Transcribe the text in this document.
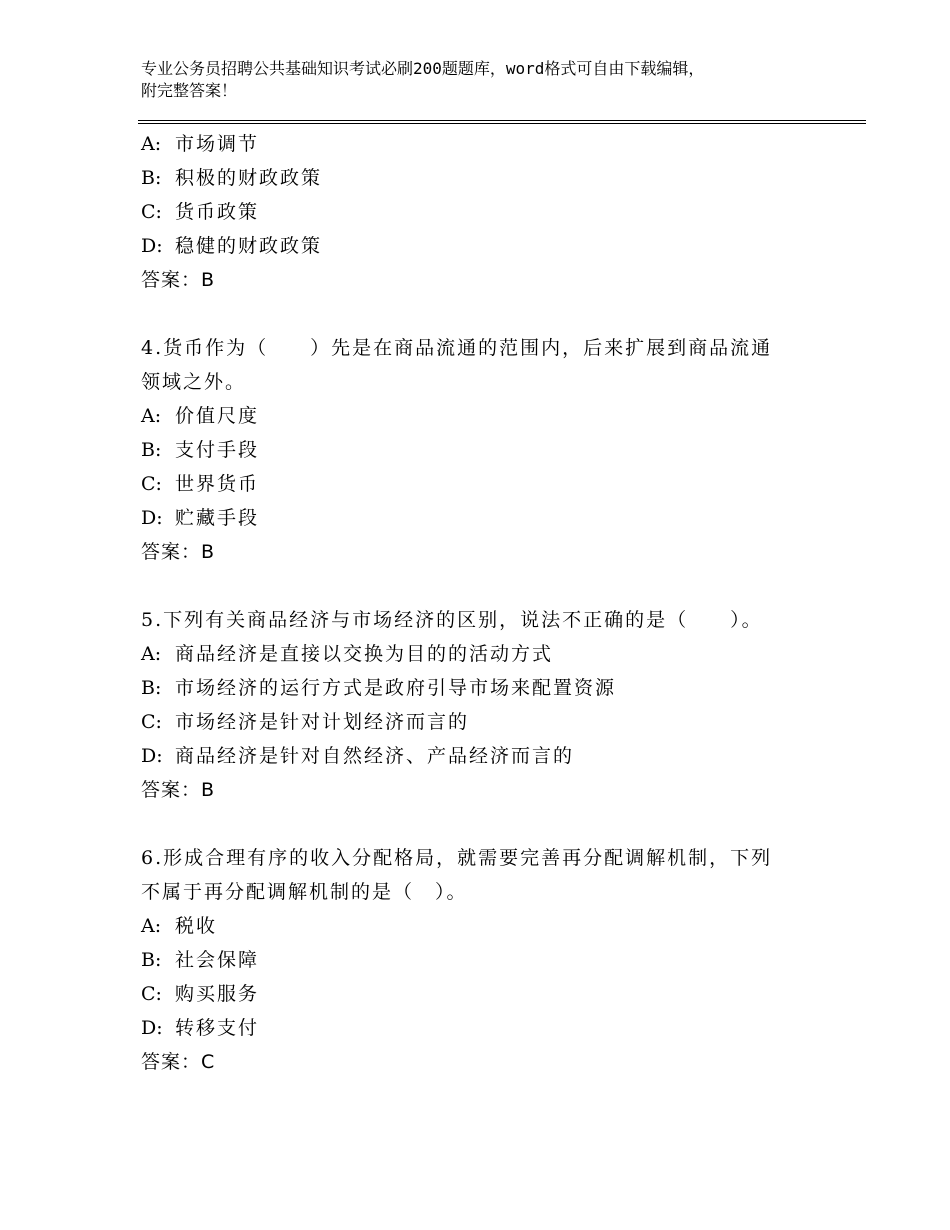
专业公务员招聘公共基础知识考试必刷200题题库，word格式可自由下载编辑，
附完整答案！
A: 市场调节
B: 积极的财政政策
C: 货币政策
D: 稳健的财政政策
答案：B
4.货币作为（　　）先是在商品流通的范围内，后来扩展到商品流通
领域之外。
A: 价值尺度
B: 支付手段
C: 世界货币
D: 贮藏手段
答案：B
5.下列有关商品经济与市场经济的区别，说法不正确的是（　　）。
A: 商品经济是直接以交换为目的的活动方式
B: 市场经济的运行方式是政府引导市场来配置资源
C: 市场经济是针对计划经济而言的
D: 商品经济是针对自然经济、产品经济而言的
答案：B
6.形成合理有序的收入分配格局，就需要完善再分配调解机制，下列
不属于再分配调解机制的是（　）。
A: 税收
B: 社会保障
C: 购买服务
D: 转移支付
答案：C
